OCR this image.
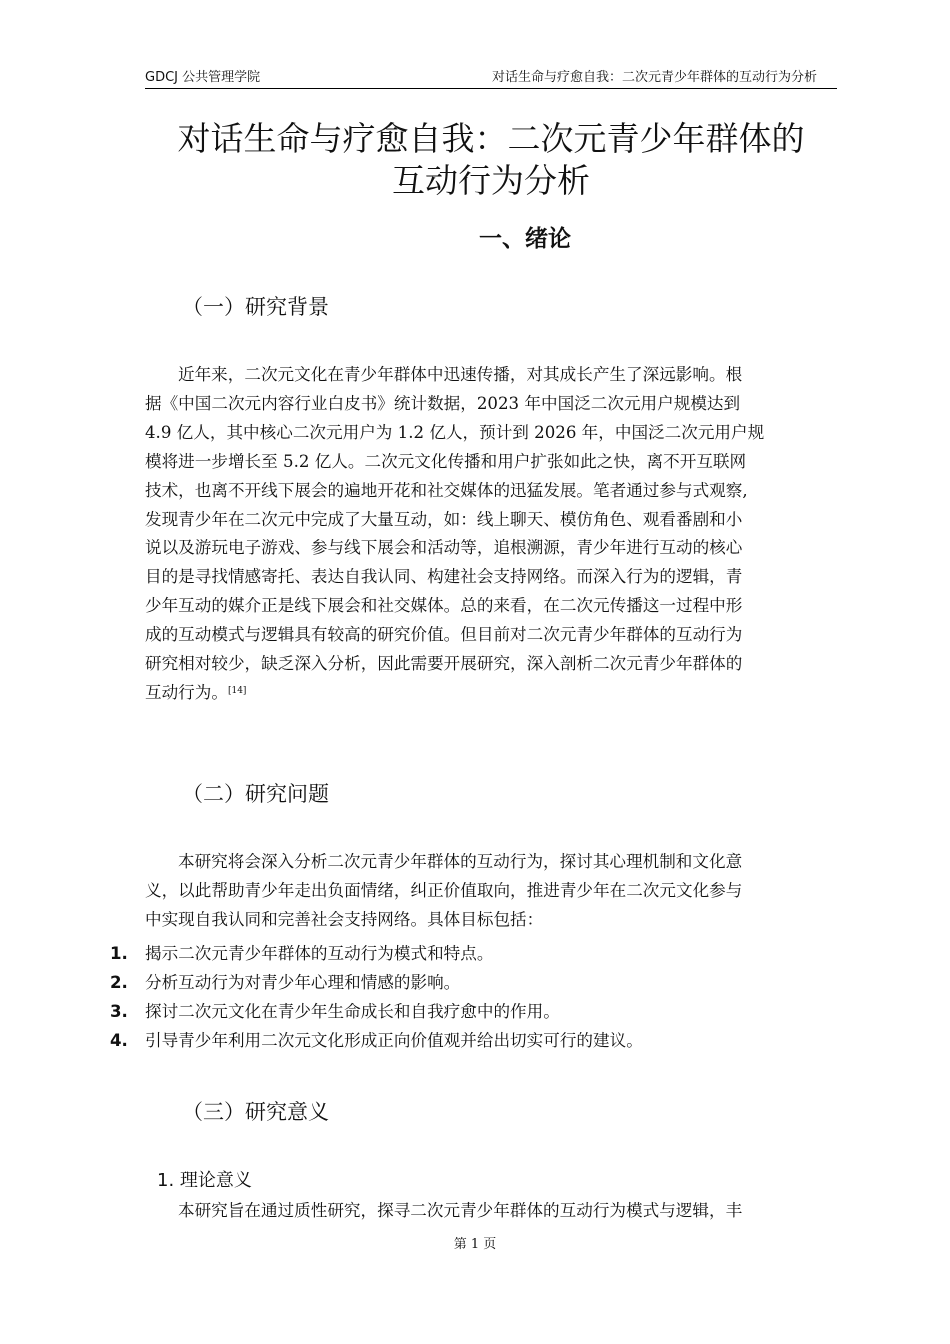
GDCJ 公共管理学院	对话生命与疗愈自我：二次元青少年群体的互动行为分析
对话生命与疗愈自我：二次元青少年群体的
互动行为分析
一、绪论
（一）研究背景
近年来，二次元文化在青少年群体中迅速传播，对其成长产生了深远影响。根
据《中国二次元内容行业白皮书》统计数据，2023 年中国泛二次元用户规模达到
4.9 亿人，其中核心二次元用户为 1.2 亿人，预计到 2026 年，中国泛二次元用户规
模将进一步增长至 5.2 亿人。二次元文化传播和用户扩张如此之快，离不开互联网
技术，也离不开线下展会的遍地开花和社交媒体的迅猛发展。笔者通过参与式观察,
发现青少年在二次元中完成了大量互动，如：线上聊天、模仿角色、观看番剧和小
说以及游玩电子游戏、参与线下展会和活动等，追根溯源，青少年进行互动的核心
目的是寻找情感寄托、表达自我认同、构建社会支持网络。而深入行为的逻辑，青
少年互动的媒介正是线下展会和社交媒体。总的来看，在二次元传播这一过程中形
成的互动模式与逻辑具有较高的研究价值。但目前对二次元青少年群体的互动行为
研究相对较少，缺乏深入分析，因此需要开展研究，深入剖析二次元青少年群体的
互动行为。[14]
（二）研究问题
本研究将会深入分析二次元青少年群体的互动行为，探讨其心理机制和文化意
义，以此帮助青少年走出负面情绪，纠正价值取向，推进青少年在二次元文化参与
中实现自我认同和完善社会支持网络。具体目标包括：
1. 揭示二次元青少年群体的互动行为模式和特点。
2. 分析互动行为对青少年心理和情感的影响。
3. 探讨二次元文化在青少年生命成长和自我疗愈中的作用。
4. 引导青少年利用二次元文化形成正向价值观并给出切实可行的建议。
（三）研究意义
1. 理论意义
本研究旨在通过质性研究，探寻二次元青少年群体的互动行为模式与逻辑，丰
第 1 页
